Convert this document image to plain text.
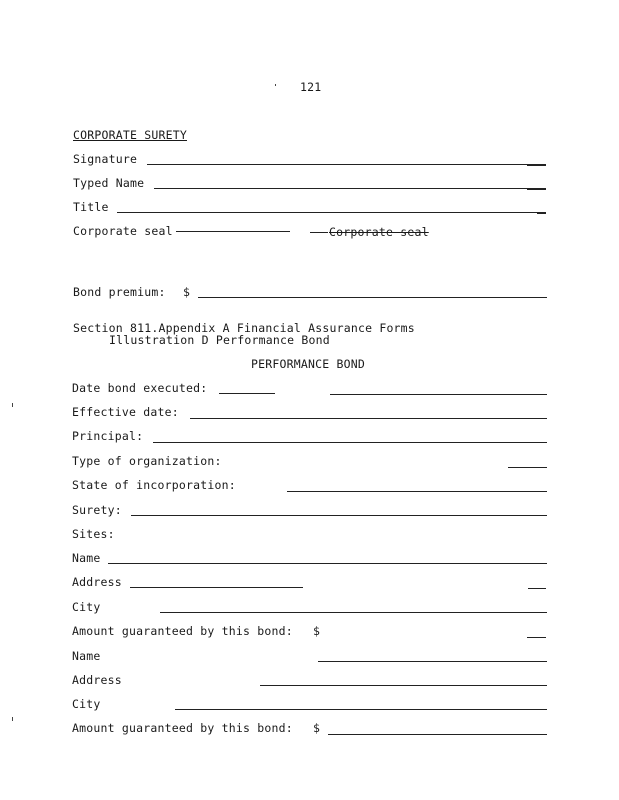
121
CORPORATE SURETY
Signature
Typed Name
Title
Corporate seal	Corporate seal
Bond premium: $
Section 811.Appendix A Financial Assurance Forms
Illustration D Performance Bond
PERFORMANCE BOND
Date bond executed:
Effective date:
Principal:
Type of organization:
State of incorporation:
Surety:
Sites:
Name
Address
City
Amount guaranteed by this bond: $
Name
Address
City
Amount guaranteed by this bond: $
